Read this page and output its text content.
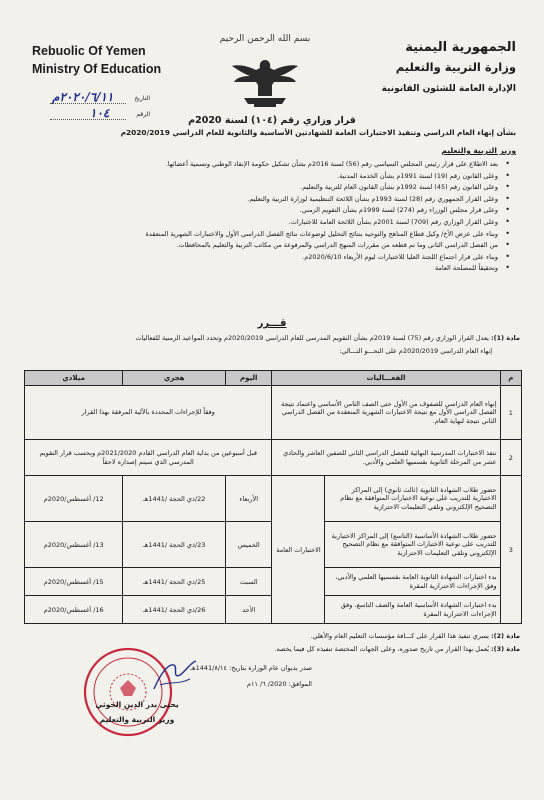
Rebuolic Of Yemen
Ministry Of Education
الجمهورية اليمنية
وزارة التربية والتعليم
الإدارة العامة للشئون القانونية
بسم الله الرحمن الرحيم
التاريخ
٢٠٢٠/٦/١١م
الرقم
١٠٤
قرار وزاري رقم (١٠٤) لسنة 2020م
بشأن إنهاء العام الدراسي وتنفيذ الاختبارات العامة للشهادتين الأساسية والثانوية للعام الدراسي 2020/2019م
وزير التربية والتعليم
• بعد الاطلاع على قرار رئيس المجلس السياسي رقم (56) لسنة 2016م بشأن تشكيل حكومة الإنقاذ الوطني وتسمية أعضائها.
• وعلى القانون رقم (19) لسنة 1991م بشأن الخدمة المدنية.
• وعلى القانون رقم (45) لسنة 1992م بشأن القانون العام للتربية والتعليم.
• وعلى القرار الجمهوري رقم (28) لسنة 1993م بشأن اللائحة التنظيمية لوزارة التربية والتعليم.
• وعلى قرار مجلس الوزراء رقم (274) لسنة 1999م بشأن التقويم الزمني.
• وعلى القرار الوزاري رقم (709) لسنة 2001م بشأن اللائحة العامة للاختبارات.
• وبناء على عرض الأخ/ وكيل قطاع المناهج والتوجيه بنتائج التحليل لوضوعات نتائج الفصل الدراسي الأول والاختبارات الشهرية المنعقدة
• من الفصل الدراسي الثاني وما تم قطعه من مقررات المنهج الدراسي والمرفوعة من مكاتب التربية والتعليم بالمحافظات.
• وبناء على قرار اجتماع اللجنة العليا للاختبارات ليوم الأربعاء 2020/6/10م.
• وتحقيقاً للمصلحة العامة
قـــرر
مادة (1): يعدل القرار الوزاري رقم (75) لسنة 2019م بشأن التقويم المدرسي للعام الدراسي 2020/2019م وتحدد المواعيد الزمنية للفعاليات
إنهاء العام الدراسي 2020/2019م على النحـــو التـــالي:
م	الفعـــاليات		اليوم	هجري	ميلادي
1	إنهاء العام الدراسي للصفوف من الأول حتى الصف الثامن الأساسي واعتماد نتيجة الفصل الدراسي الأول مع نتيجة الاختبارات الشهرية المنعقدة من الفصل الدراسي الثاني نتيجة لنهاية العام.		وفقاً للإجراءات المحددة بالآلية المرفقة بهذا القرار		
2	تنفذ الاختبارات المدرسية النهائية للفصل الدراسي الثاني للصفين العاشر والحادي عشر من المرحلة الثانوية بقسميها العلمي والأدبي.		قبل أسبوعين من بداية العام الدراسي القادم 2021/2020م وبحسب قرار التقويم المدرسي الذي سيتم إصداره لاحقاً		
3	حضور طلاب الشهادة الثانوية (ثالث ثانوي) إلى المراكز الاختبارية للتدريب على نوعية الاختبارات المتوافقة مع نظام التصحيح الإلكتروني وتلقي التعليمات الاحترازية	الاختبارات العامة	الأربعاء	22/ذي الحجة /1441هـ	12/ أغسطس/2020م
	حضور طلاب الشهادة الأساسية (التاسع) إلى المراكز الاختبارية للتدريب على نوعية الاختبارات المتوافقة مع نظام التصحيح الإلكتروني وتلقي التعليمات الاحترازية		الخميس	23/ذي الحجة /1441هـ	13/ أغسطس/2020م
	بدء اختبارات الشهادة الثانوية العامة بقسميها العلمي والأدبي، وفق الإجراءات الاحترازية المقرة		السبت	25/ذي الحجة /1441هـ	15/ أغسطس/2020م
	بدء اختبارات الشهادة الأساسية العامة والصف التاسع، وفق الإجراءات الاحترازية المقرة		الأحد	26/ذي الحجة /1441هـ	16/ أغسطس/2020م
مادة (2): يسري تنفيذ هذا القرار على كـــافة مؤسسات التعليم العام والأهلي.
مادة (3): يُعمل بهذا القرار من تاريخ صدوره، وعلى الجهات المختصة تنفيذه كل فيما يخصه.
صدر بديوان عام الوزارة بتاريخ: 1441/٨/١٤هـ
الموافق: 2020/ ٦/ ١١م
يحيى بدر الدين الحوثي
وزير التربية والتعليم
